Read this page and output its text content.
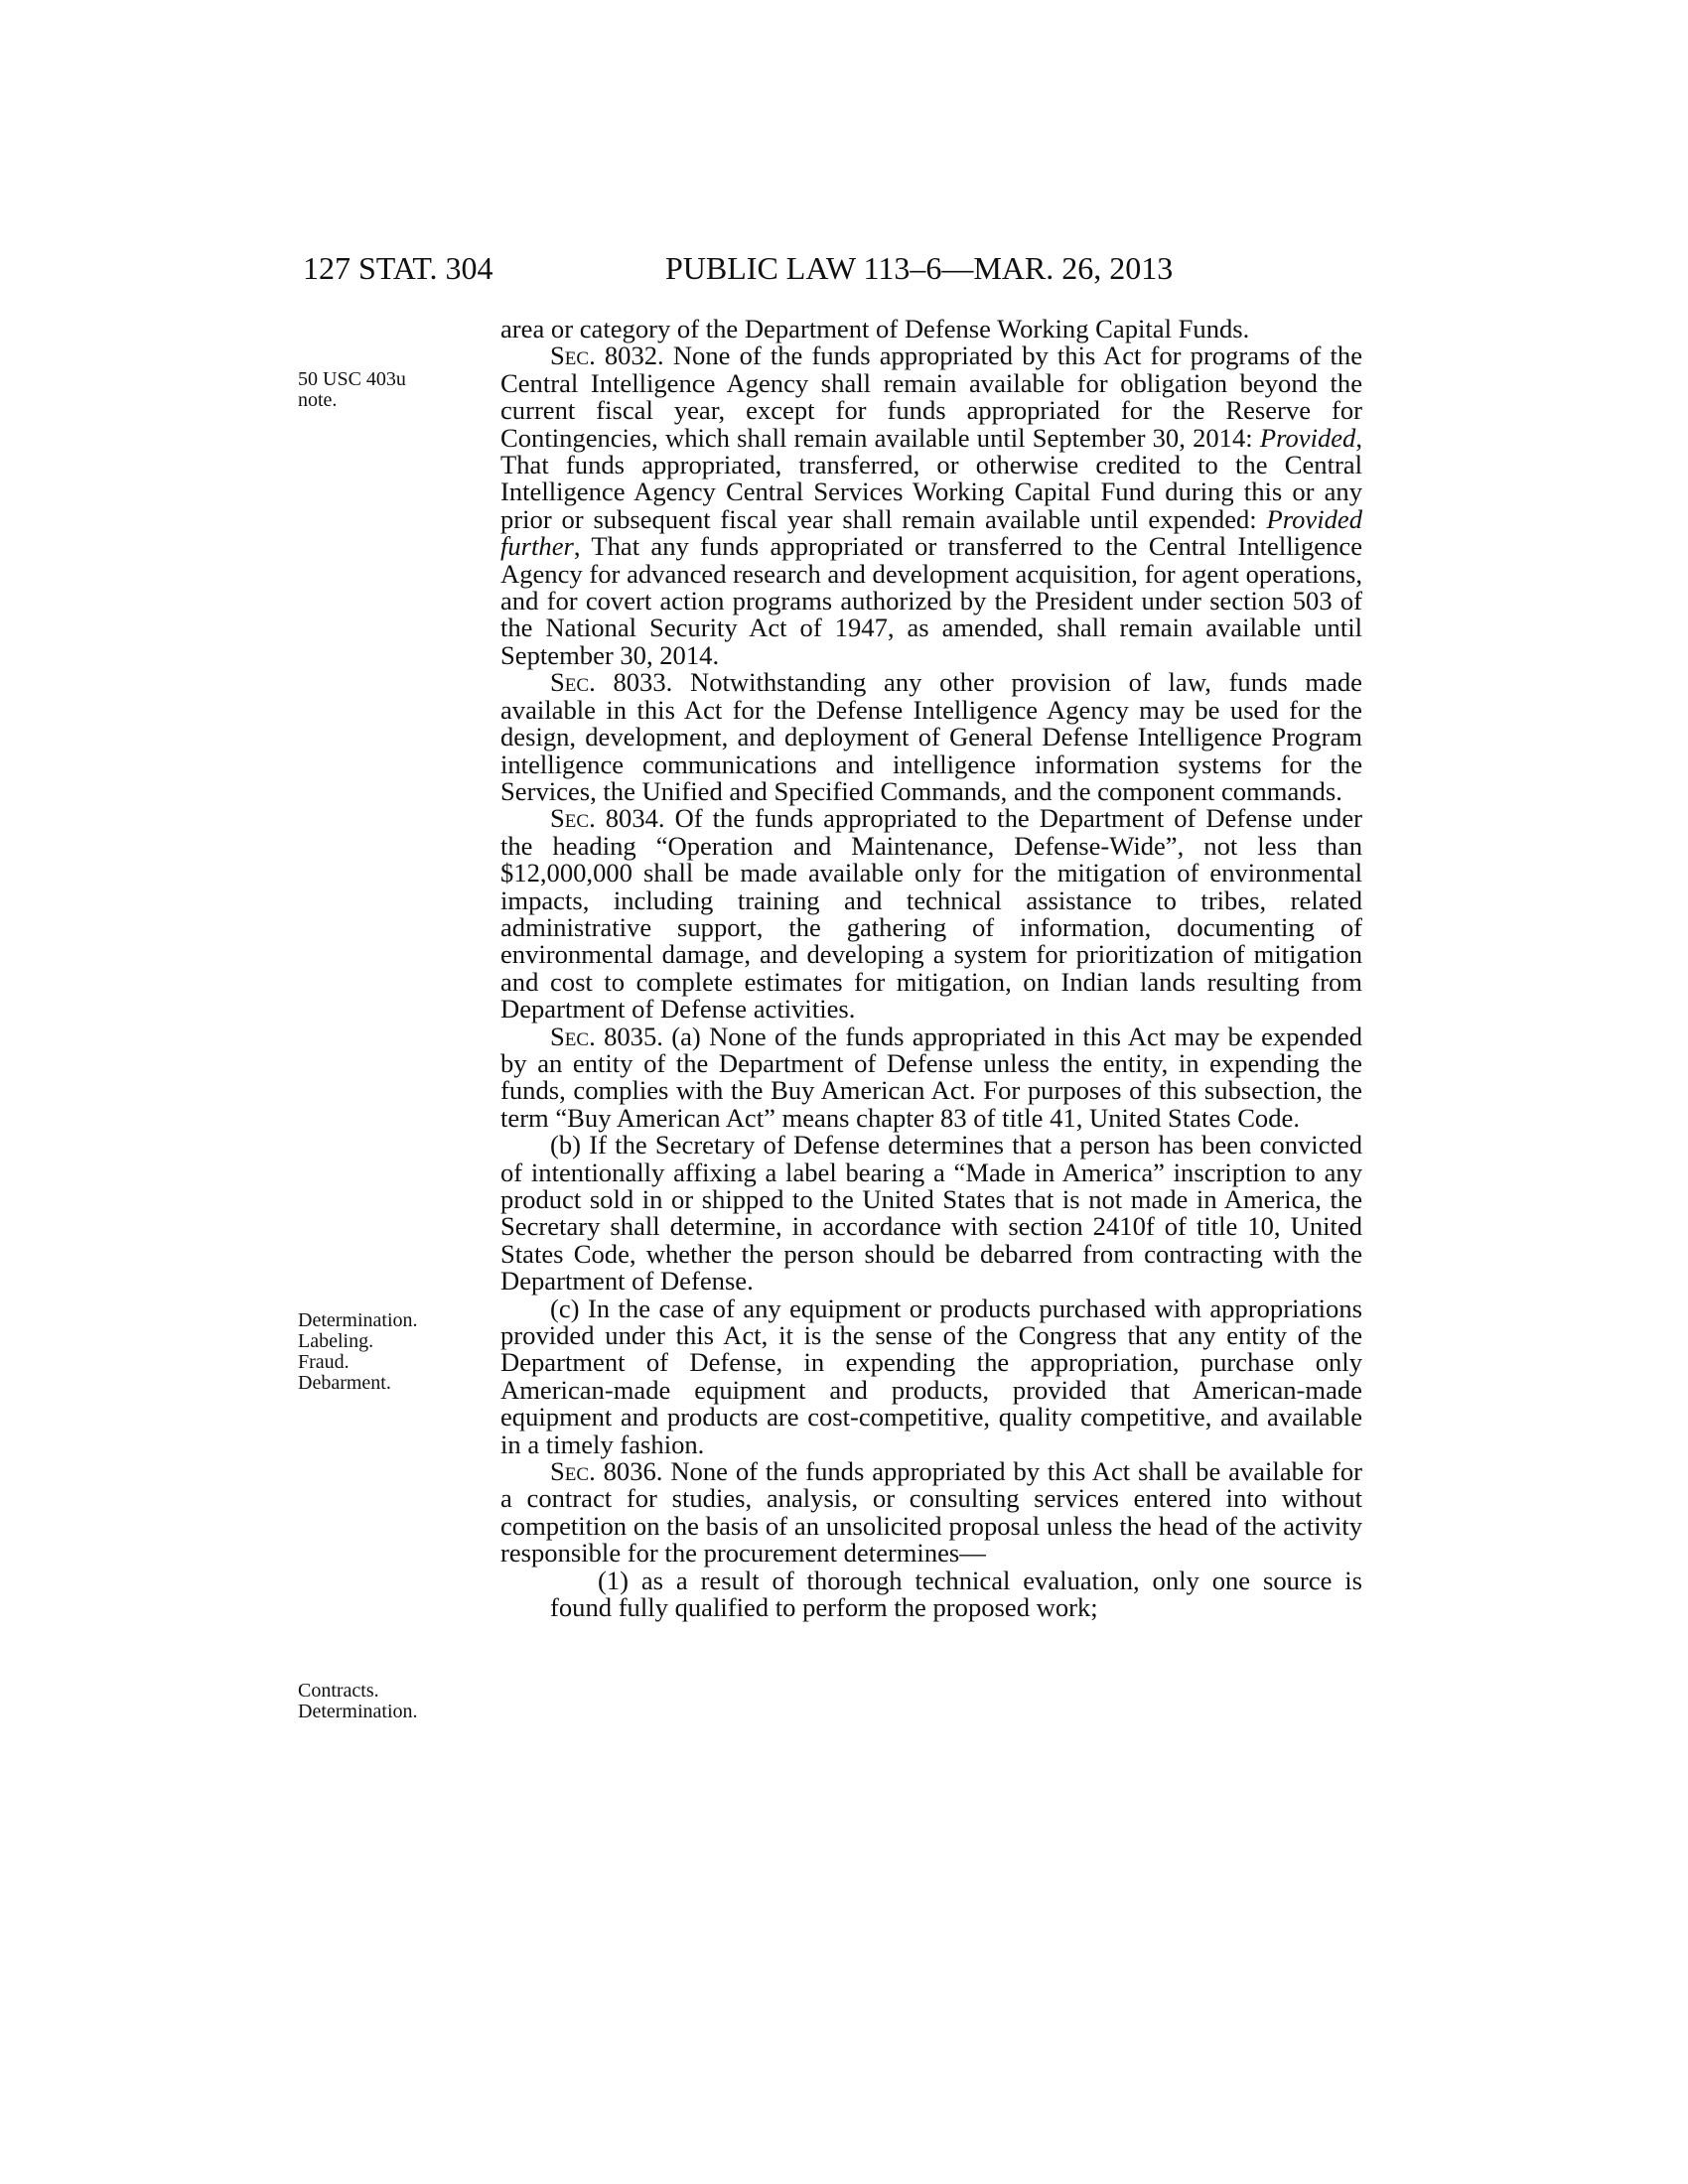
127 STAT. 304	PUBLIC LAW 113–6—MAR. 26, 2013
50 USC 403u
note.
Determination.
Labeling.
Fraud.
Debarment.
Contracts.
Determination.

area or category of the Department of Defense Working Capital Funds.

Sec. 8032. None of the funds appropriated by this Act for programs of the Central Intelligence Agency shall remain available for obligation beyond the current fiscal year, except for funds appropriated for the Reserve for Contingencies, which shall remain available until September 30, 2014: Provided, That funds appropriated, transferred, or otherwise credited to the Central Intelligence Agency Central Services Working Capital Fund during this or any prior or subsequent fiscal year shall remain available until expended: Provided further, That any funds appropriated or transferred to the Central Intelligence Agency for advanced research and development acquisition, for agent operations, and for covert action programs authorized by the President under section 503 of the National Security Act of 1947, as amended, shall remain available until September 30, 2014.

Sec. 8033. Notwithstanding any other provision of law, funds made available in this Act for the Defense Intelligence Agency may be used for the design, development, and deployment of General Defense Intelligence Program intelligence communications and intelligence information systems for the Services, the Unified and Specified Commands, and the component commands.

Sec. 8034. Of the funds appropriated to the Department of Defense under the heading “Operation and Maintenance, Defense-Wide”, not less than $12,000,000 shall be made available only for the mitigation of environmental impacts, including training and technical assistance to tribes, related administrative support, the gathering of information, documenting of environmental damage, and developing a system for prioritization of mitigation and cost to complete estimates for mitigation, on Indian lands resulting from Department of Defense activities.

Sec. 8035. (a) None of the funds appropriated in this Act may be expended by an entity of the Department of Defense unless the entity, in expending the funds, complies with the Buy American Act. For purposes of this subsection, the term “Buy American Act” means chapter 83 of title 41, United States Code.

(b) If the Secretary of Defense determines that a person has been convicted of intentionally affixing a label bearing a “Made in America” inscription to any product sold in or shipped to the United States that is not made in America, the Secretary shall determine, in accordance with section 2410f of title 10, United States Code, whether the person should be debarred from contracting with the Department of Defense.

(c) In the case of any equipment or products purchased with appropriations provided under this Act, it is the sense of the Congress that any entity of the Department of Defense, in expending the appropriation, purchase only American-made equipment and products, provided that American-made equipment and products are cost-competitive, quality competitive, and available in a timely fashion.

Sec. 8036. None of the funds appropriated by this Act shall be available for a contract for studies, analysis, or consulting services entered into without competition on the basis of an unsolicited proposal unless the head of the activity responsible for the procurement determines—

(1) as a result of thorough technical evaluation, only one source is found fully qualified to perform the proposed work;
